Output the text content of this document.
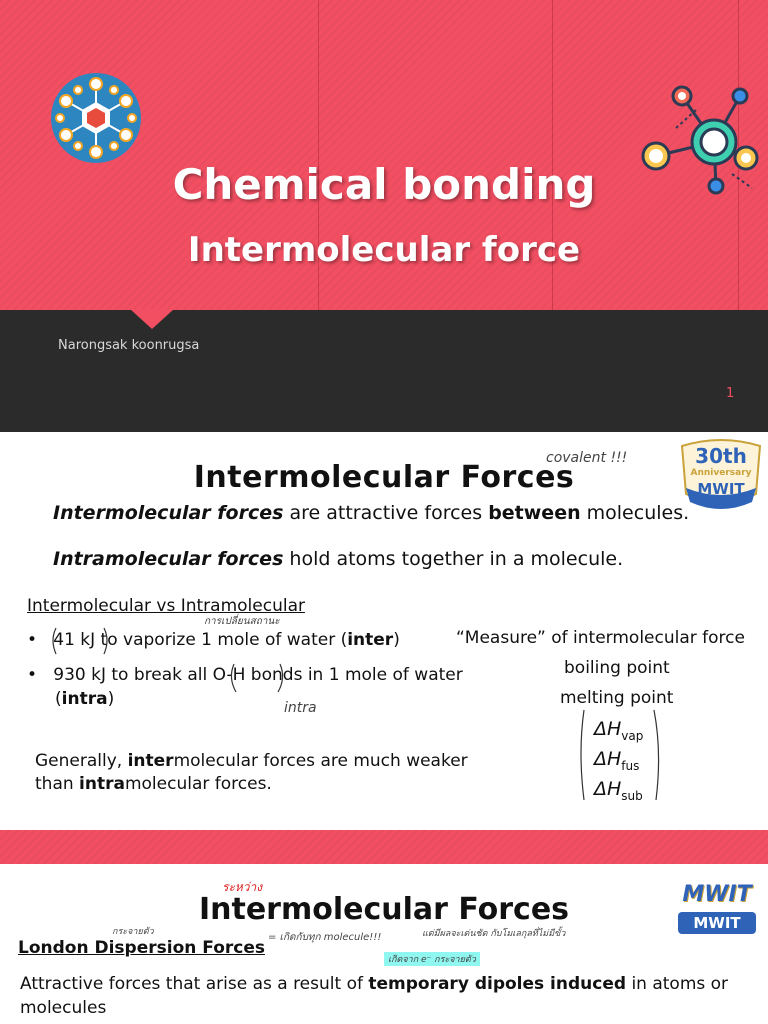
Chemical bonding
Intermolecular force
Narongsak koonrugsa
1
Intermolecular Forces
30th
Anniversary
MWIT
covalent !!!
Intermolecular forces are attractive forces between molecules.
Intramolecular forces hold atoms together in a molecule.
Intermolecular vs Intramolecular
การเปลี่ยนสถานะ
• 41 kJ to vaporize 1 mole of water (inter)
• 930 kJ to break all O-H bonds in 1 mole of water
(intra)	intra
Generally, intermolecular forces are much weaker
than intramolecular forces.
“Measure” of intermolecular force
boiling point
melting point
$\Delta H_{vap}$
$\Delta H_{fus}$
$\Delta H_{sub}$
ระหว่าง
Intermolecular Forces	MWIT
MWIT
กระจายตัว
London Dispersion Forces
= เกิดกับทุก molecule!!!	แต่มีผลจะเด่นชัด กับโมเลกุลที่ไม่มีขั้ว
เกิดจาก e⁻ กระจายตัว
Attractive forces that arise as a result of temporary dipoles induced in atoms or molecules
